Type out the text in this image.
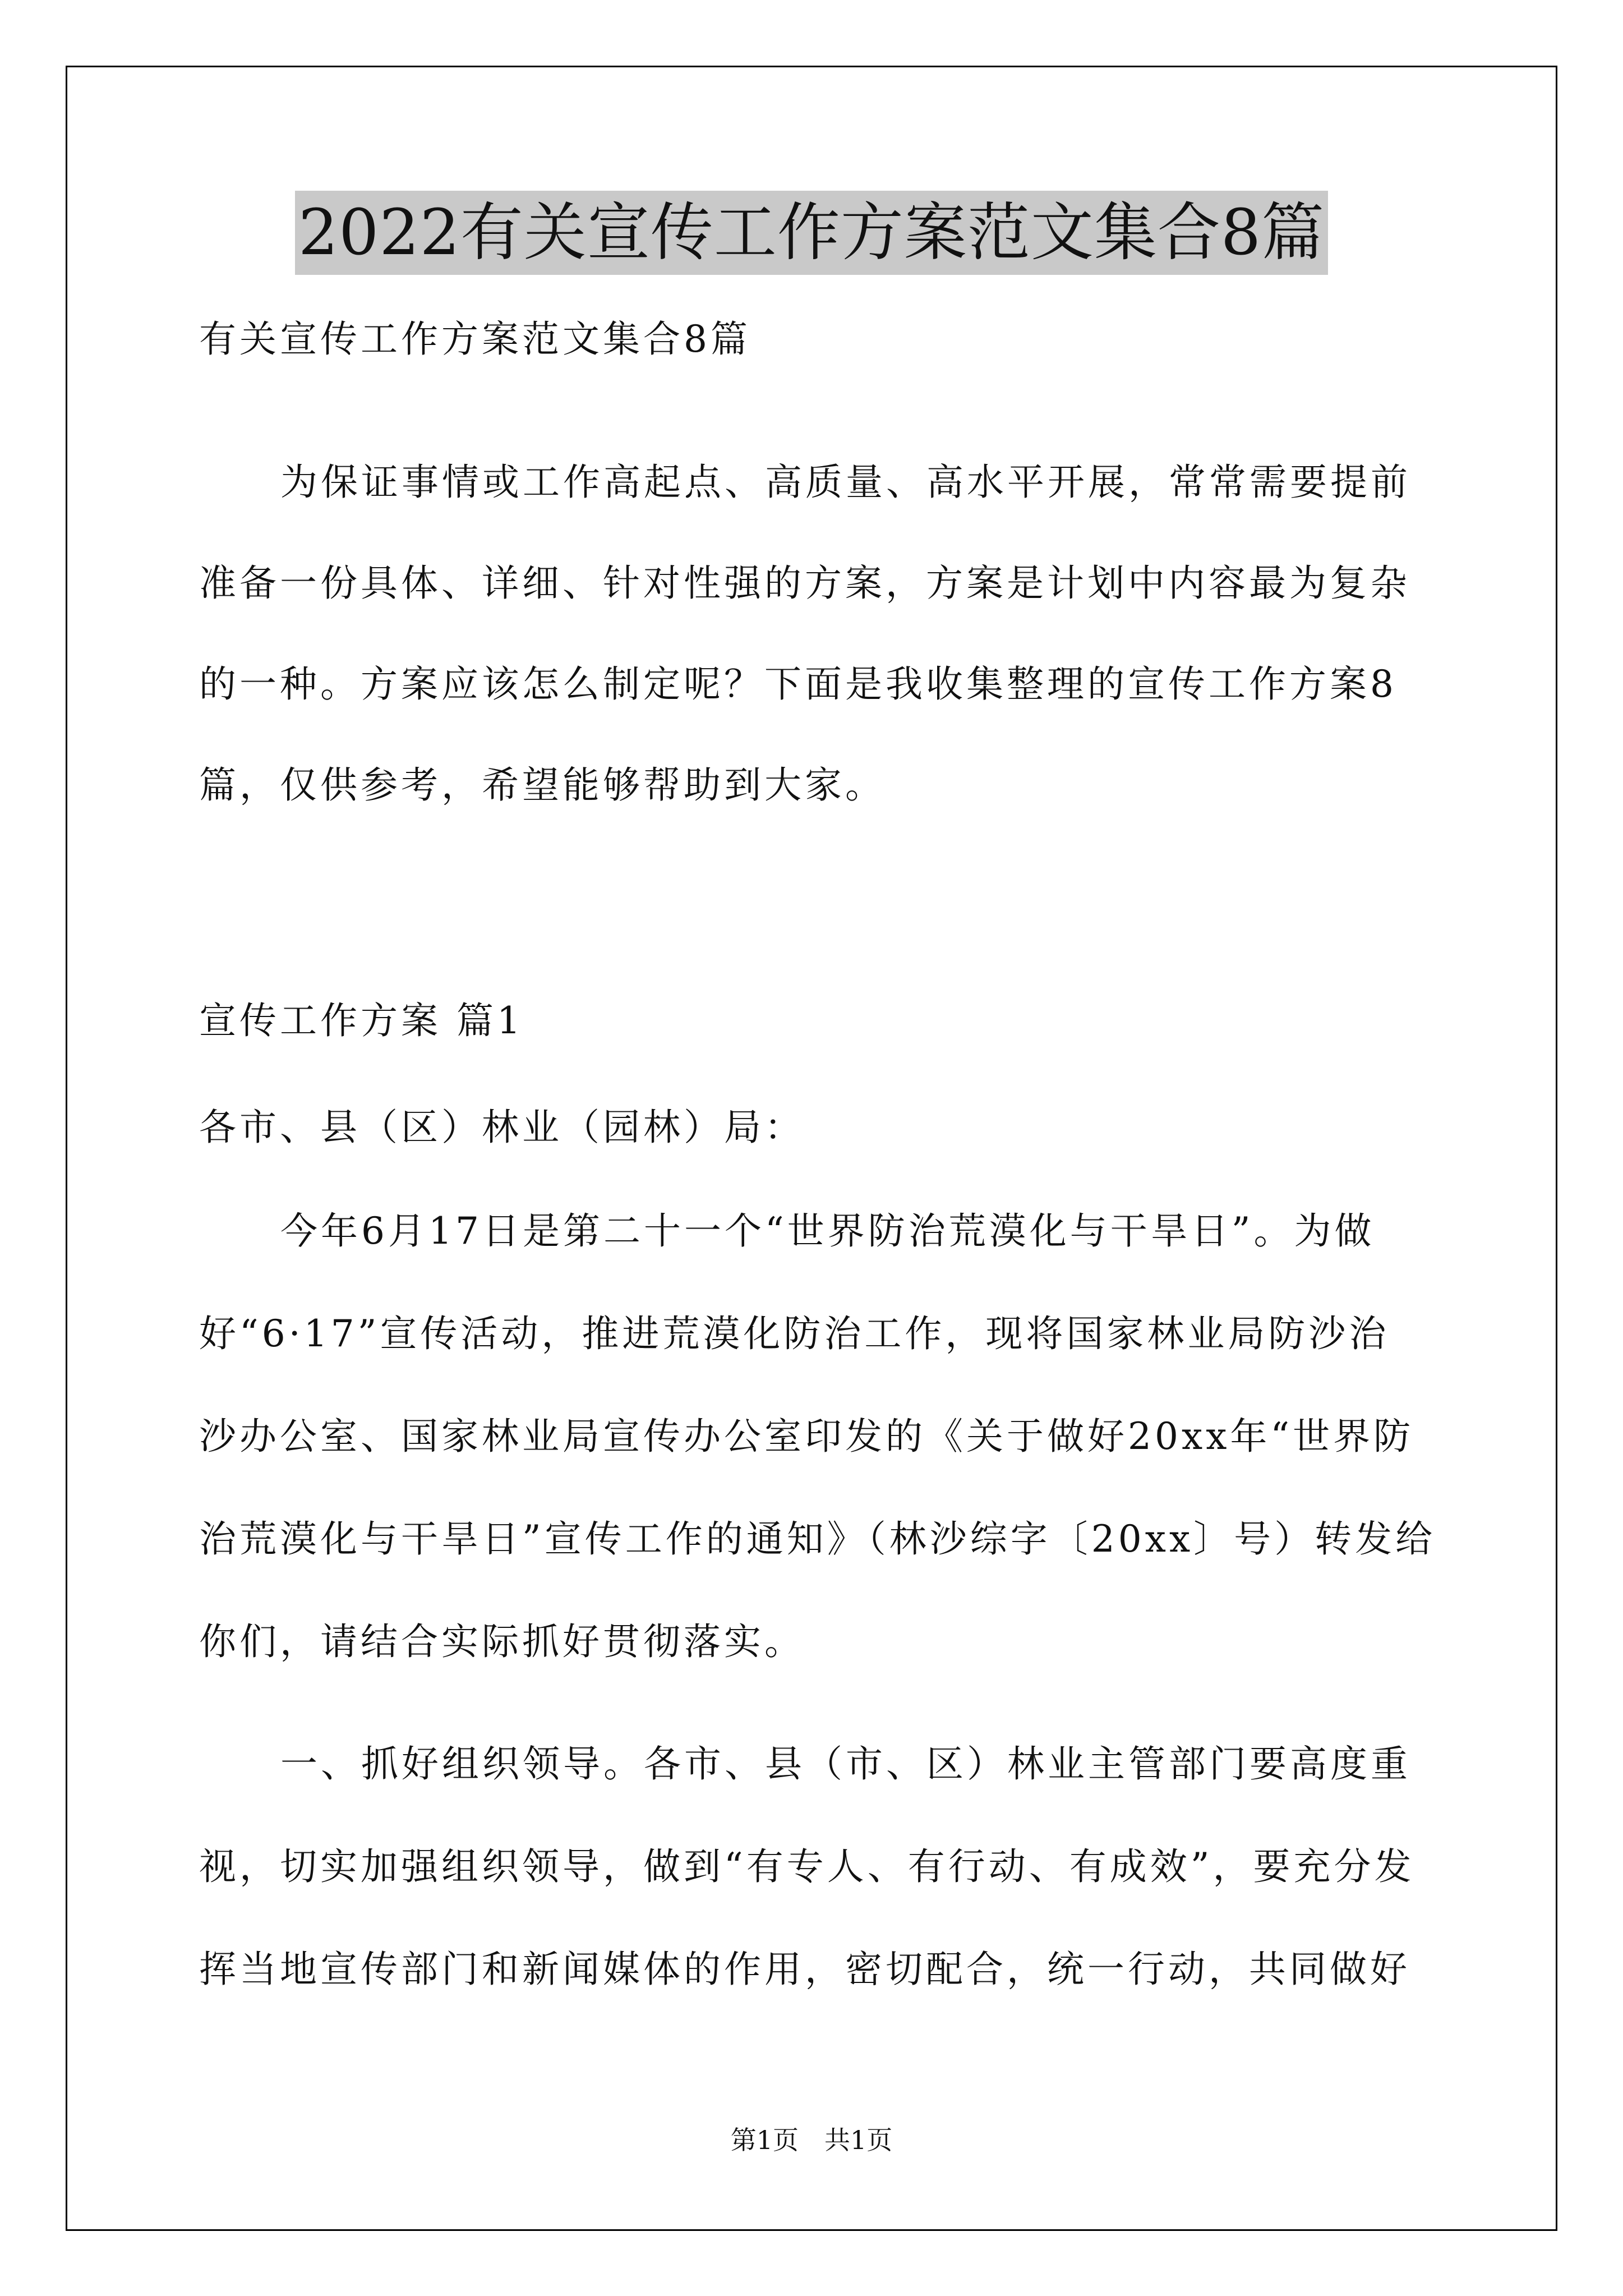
2022有关宣传工作方案范文集合8篇
有关宣传工作方案范文集合8篇
为保证事情或工作高起点、高质量、高水平开展，常常需要提前
准备一份具体、详细、针对性强的方案，方案是计划中内容最为复杂
的一种。方案应该怎么制定呢？下面是我收集整理的宣传工作方案8
篇，仅供参考，希望能够帮助到大家。
宣传工作方案 篇1
各市、县（区）林业（园林）局：
今年6月17日是第二十一个“世界防治荒漠化与干旱日”。为做
好“6·17”宣传活动，推进荒漠化防治工作，现将国家林业局防沙治
沙办公室、国家林业局宣传办公室印发的《关于做好20xx年“世界防
治荒漠化与干旱日”宣传工作的通知》（林沙综字〔20xx〕号）转发给
你们，请结合实际抓好贯彻落实。
一、抓好组织领导。各市、县（市、区）林业主管部门要高度重
视，切实加强组织领导，做到“有专人、有行动、有成效”，要充分发
挥当地宣传部门和新闻媒体的作用，密切配合，统一行动，共同做好
第1页　共1页
